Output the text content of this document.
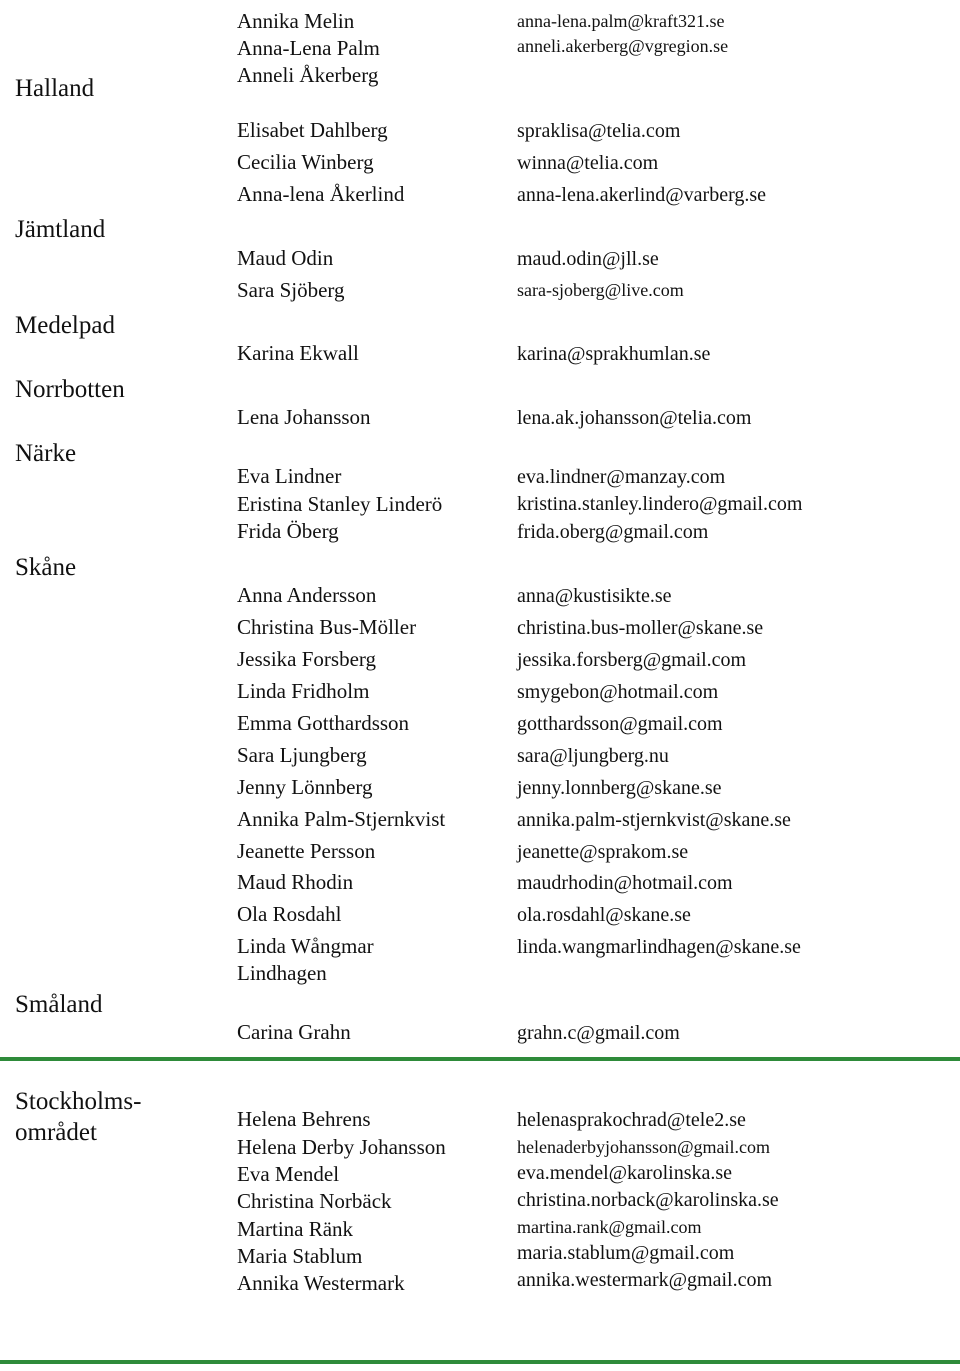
Halland
Jämtland
Medelpad
Norrbotten
Närke
Skåne
Småland
Stockholms-
området
Annika Melin
Anna-Lena Palm
Anneli Åkerberg
Elisabet Dahlberg
Cecilia Winberg
Anna-lena Åkerlind
Maud Odin
Sara Sjöberg
Karina Ekwall
Lena Johansson
Eva Lindner
Eristina Stanley Linderö
Frida Öberg
Anna Andersson
Christina Bus-Möller
Jessika Forsberg
Linda Fridholm
Emma Gotthardsson
Sara Ljungberg
Jenny Lönnberg
Annika Palm-Stjernkvist
Jeanette Persson
Maud Rhodin
Ola Rosdahl
Linda Wångmar
Lindhagen
Carina Grahn
Helena Behrens
Helena Derby Johansson
Eva Mendel
Christina Norbäck
Martina Ränk
Maria Stablum
Annika Westermark
anna-lena.palm@kraft321.se
anneli.akerberg@vgregion.se
spraklisa@telia.com
winna@telia.com
anna-lena.akerlind@varberg.se
maud.odin@jll.se
sara-sjoberg@live.com
karina@sprakhumlan.se
lena.ak.johansson@telia.com
eva.lindner@manzay.com
kristina.stanley.lindero@gmail.com
frida.oberg@gmail.com
anna@kustisikte.se
christina.bus-moller@skane.se
jessika.forsberg@gmail.com
smygebon@hotmail.com
gotthardsson@gmail.com
sara@ljungberg.nu
jenny.lonnberg@skane.se
annika.palm-stjernkvist@skane.se
jeanette@sprakom.se
maudrhodin@hotmail.com
ola.rosdahl@skane.se
linda.wangmarlindhagen@skane.se
grahn.c@gmail.com
helenasprakochrad@tele2.se
helenaderbyjohansson@gmail.com
eva.mendel@karolinska.se
christina.norback@karolinska.se
martina.rank@gmail.com
maria.stablum@gmail.com
annika.westermark@gmail.com
